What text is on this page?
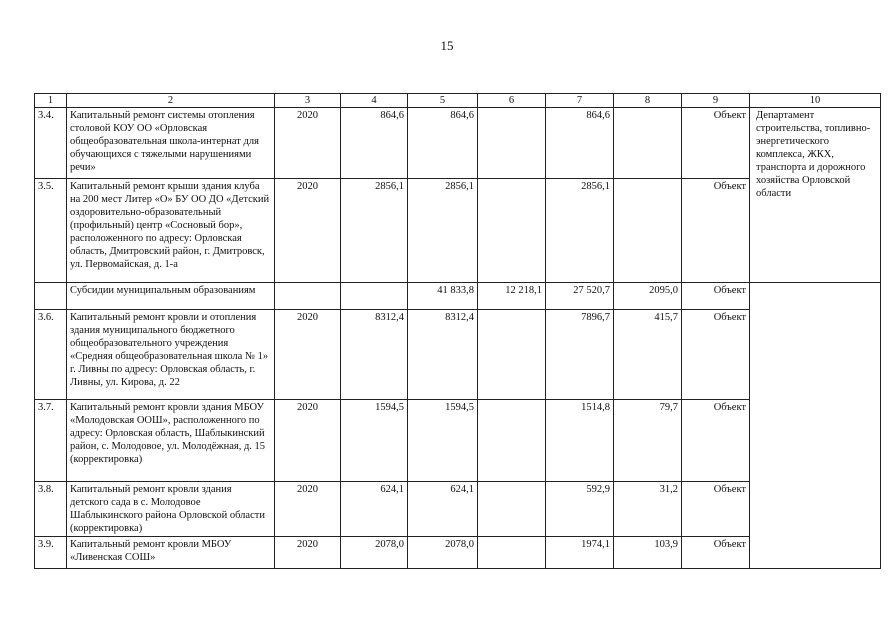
15
1	2	3	4	5	6	7	8	9	10
3.4.	Капитальный ремонт системы отопления столовой КОУ ОО «Орловская общеобразовательная школа-интернат для обучающихся с тяжелыми нарушениями речи»	2020	864,6	864,6		864,6		Объект	Департамент строительства, топливно-энергетического комплекса, ЖКХ, транспорта и дорожного хозяйства Орловской области
3.5.	Капитальный ремонт крыши здания клуба на 200 мест Литер «О» БУ ОО ДО «Детский оздоровительно-образовательный (профильный) центр «Сосновый бор», расположенного по адресу: Орловская область, Дмитровский район, г. Дмитровск, ул. Первомайская, д. 1-а	2020	2856,1	2856,1		2856,1		Объект	
	Субсидии муниципальным образованиям			41 833,8	12 218,1	27 520,7	2095,0	Объект	
3.6.	Капитальный ремонт кровли и отопления здания муниципального бюджетного общеобразовательного учреждения «Средняя общеобразовательная школа № 1» г. Ливны по адресу: Орловская область, г. Ливны, ул. Кирова, д. 22	2020	8312,4	8312,4		7896,7	415,7	Объект	
3.7.	Капитальный ремонт кровли здания МБОУ «Молодовская ООШ», расположенного по адресу: Орловская область, Шаблыкинский район, с. Молодовое, ул. Молодёжная, д. 15 (корректировка)	2020	1594,5	1594,5		1514,8	79,7	Объект	
3.8.	Капитальный ремонт кровли здания детского сада в с. Молодовое Шаблыкинского района Орловской области (корректировка)	2020	624,1	624,1		592,9	31,2	Объект	
3.9.	Капитальный ремонт кровли МБОУ «Ливенская СОШ»	2020	2078,0	2078,0		1974,1	103,9	Объект	
